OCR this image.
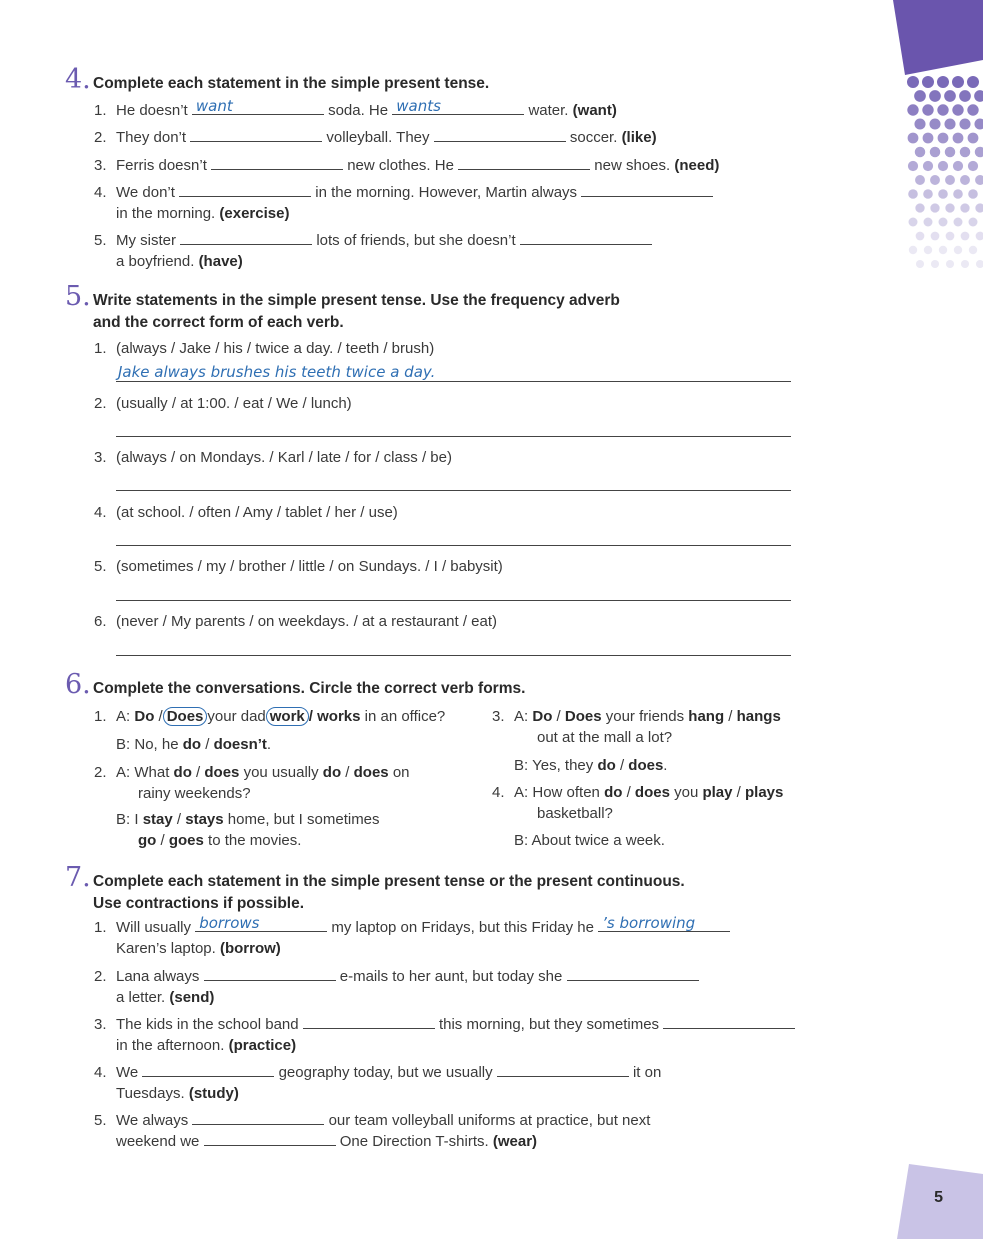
5
4. Complete each statement in the simple present tense.
1. He doesn’t want	soda. He wants	water. (want)
2. They don’t	volleyball. They	soccer. (like)
3. Ferris doesn’t	new clothes. He	new shoes. (need)
4. We don’t	in the morning. However, Martin always
in the morning. (exercise)
5. My sister	lots of friends, but she doesn’t
a boyfriend. (have)
5. Write statements in the simple present tense. Use the frequency adverb
and the correct form of each verb.
1. (always / Jake / his / twice a day. / teeth / brush)
Jake always brushes his teeth twice a day.
2. (usually / at 1:00. / eat / We / lunch)
3. (always / on Mondays. / Karl / late / for / class / be)
4. (at school. / often / Amy / tablet / her / use)
5. (sometimes / my / brother / little / on Sundays. / I / babysit)
6. (never / My parents / on weekdays. / at a restaurant / eat)
6. Complete the conversations. Circle the correct verb forms.
1. A: Do / Does your dad work / works in an office?
B: No, he do / doesn’t.
2. A: What do / does you usually do / does on
rainy weekends?
B: I stay / stays home, but I sometimes
go / goes to the movies.
3. A: Do / Does your friends hang / hangs
out at the mall a lot?
B: Yes, they do / does.
4. A: How often do / does you play / plays
basketball?
B: About twice a week.
7. Complete each statement in the simple present tense or the present continuous.
Use contractions if possible.
1. Will usually borrows	my laptop on Fridays, but this Friday he ’s borrowing
Karen’s laptop. (borrow)
2. Lana always	e-mails to her aunt, but today she
a letter. (send)
3. The kids in the school band	this morning, but they sometimes
in the afternoon. (practice)
4. We	geography today, but we usually	it on
Tuesdays. (study)
5. We always	our team volleyball uniforms at practice, but next
weekend we	One Direction T-shirts. (wear)
